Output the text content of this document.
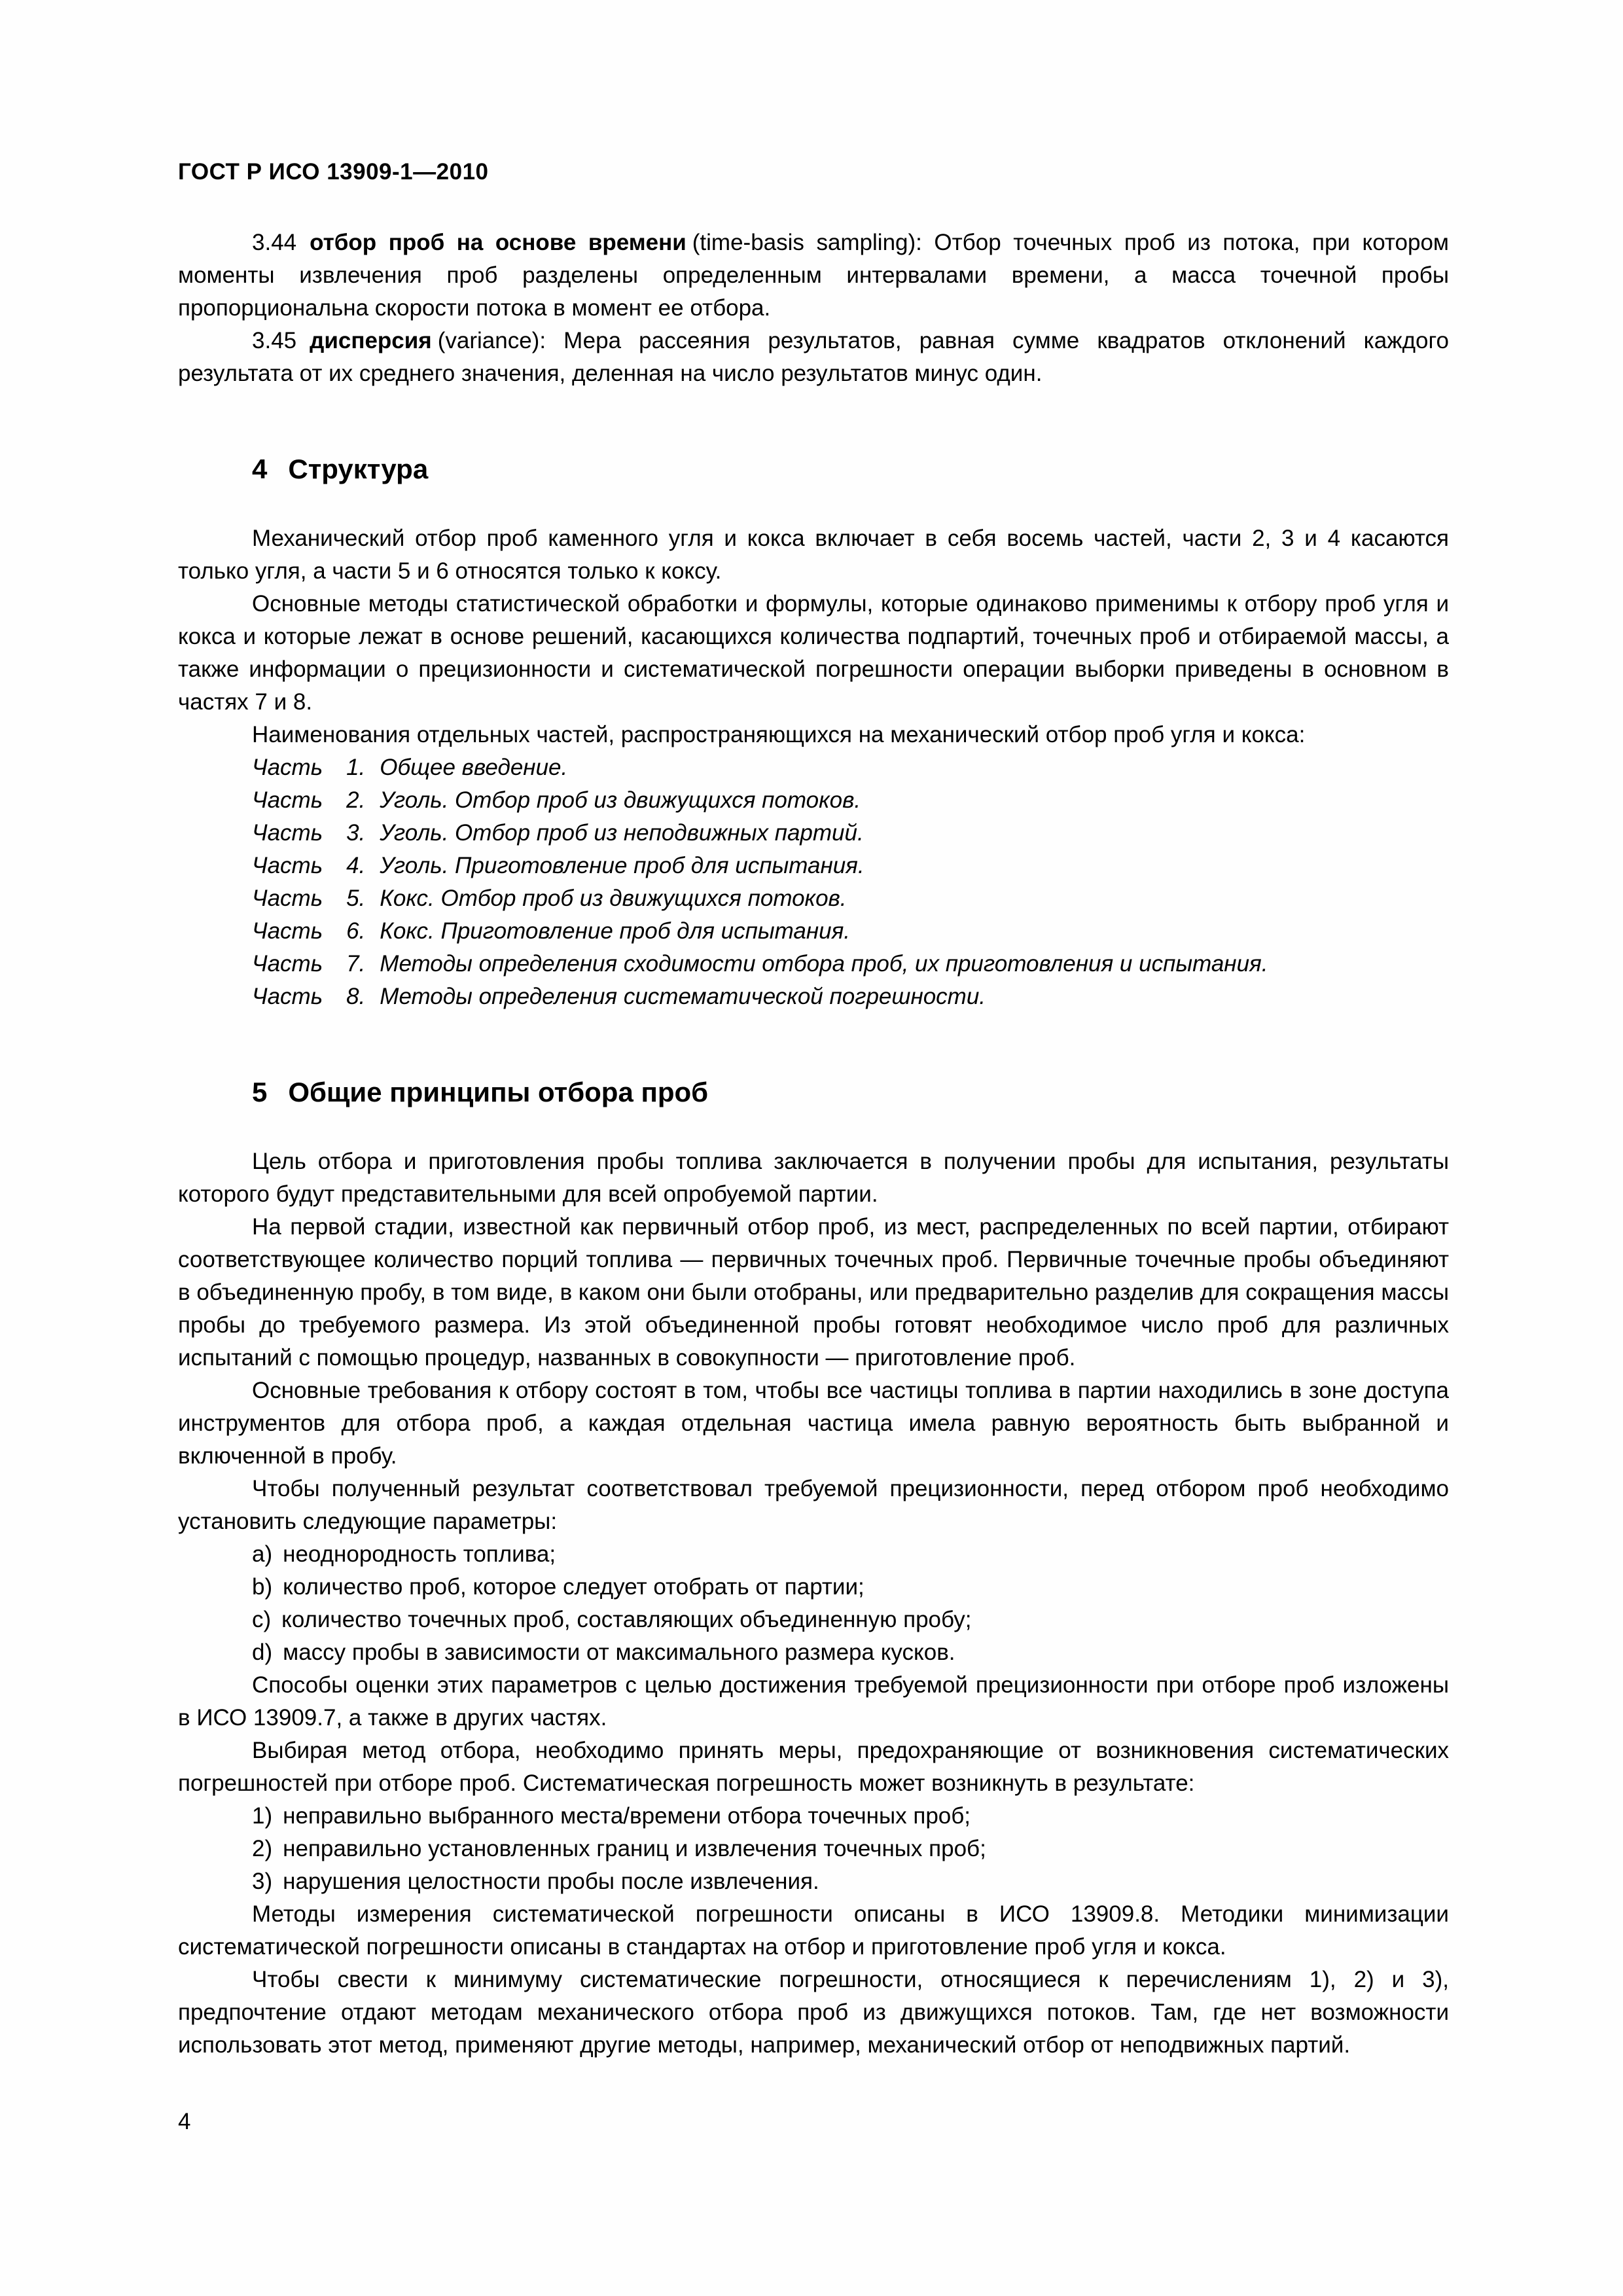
ГОСТ Р ИСО 13909-1—2010

3.44 отбор проб на основе времени (time-basis sampling): Отбор точечных проб из потока, при котором моменты извлечения проб разделены определенным интервалами времени, а масса точечной пробы пропорциональна скорости потока в момент ее отбора.

3.45 дисперсия (variance): Мера рассеяния результатов, равная сумме квадратов отклонений каждого результата от их среднего значения, деленная на число результатов минус один.

4 Структура

Механический отбор проб каменного угля и кокса включает в себя восемь частей, части 2, 3 и 4 касаются только угля, а части 5 и 6 относятся только к коксу.

Основные методы статистической обработки и формулы, которые одинаково применимы к отбору проб угля и кокса и которые лежат в основе решений, касающихся количества подпартий, точечных проб и отбираемой массы, а также информации о прецизионности и систематической погрешности операции выборки приведены в основном в частях 7 и 8.

Наименования отдельных частей, распространяющихся на механический отбор проб угля и кокса:

Часть 1. Общее введение.
Часть 2. Уголь. Отбор проб из движущихся потоков.
Часть 3. Уголь. Отбор проб из неподвижных партий.
Часть 4. Уголь. Приготовление проб для испытания.
Часть 5. Кокс. Отбор проб из движущихся потоков.
Часть 6. Кокс. Приготовление проб для испытания.
Часть 7. Методы определения сходимости отбора проб, их приготовления и испытания.
Часть 8. Методы определения систематической погрешности.
5 Общие принципы отбора проб

Цель отбора и приготовления пробы топлива заключается в получении пробы для испытания, результаты которого будут представительными для всей опробуемой партии.

На первой стадии, известной как первичный отбор проб, из мест, распределенных по всей партии, отбирают соответствующее количество порций топлива — первичных точечных проб. Первичные точечные пробы объединяют в объединенную пробу, в том виде, в каком они были отобраны, или предварительно разделив для сокращения массы пробы до требуемого размера. Из этой объединенной пробы готовят необходимое число проб для различных испытаний с помощью процедур, названных в совокупности — приготовление проб.

Основные требования к отбору состоят в том, чтобы все частицы топлива в партии находились в зоне доступа инструментов для отбора проб, а каждая отдельная частица имела равную вероятность быть выбранной и включенной в пробу.

Чтобы полученный результат соответствовал требуемой прецизионности, перед отбором проб необходимо установить следующие параметры:

a) неоднородность топлива;
b) количество проб, которое следует отобрать от партии;
c) количество точечных проб, составляющих объединенную пробу;
d) массу пробы в зависимости от максимального размера кусков.

Способы оценки этих параметров с целью достижения требуемой прецизионности при отборе проб изложены в ИСО 13909.7, а также в других частях.

Выбирая метод отбора, необходимо принять меры, предохраняющие от возникновения систематических погрешностей при отборе проб. Систематическая погрешность может возникнуть в результате:

1) неправильно выбранного места/времени отбора точечных проб;
2) неправильно установленных границ и извлечения точечных проб;
3) нарушения целостности пробы после извлечения.

Методы измерения систематической погрешности описаны в ИСО 13909.8. Методики минимизации систематической погрешности описаны в стандартах на отбор и приготовление проб угля и кокса.

Чтобы свести к минимуму систематические погрешности, относящиеся к перечислениям 1), 2) и 3), предпочтение отдают методам механического отбора проб из движущихся потоков. Там, где нет возможности использовать этот метод, применяют другие методы, например, механический отбор от неподвижных партий.

4
